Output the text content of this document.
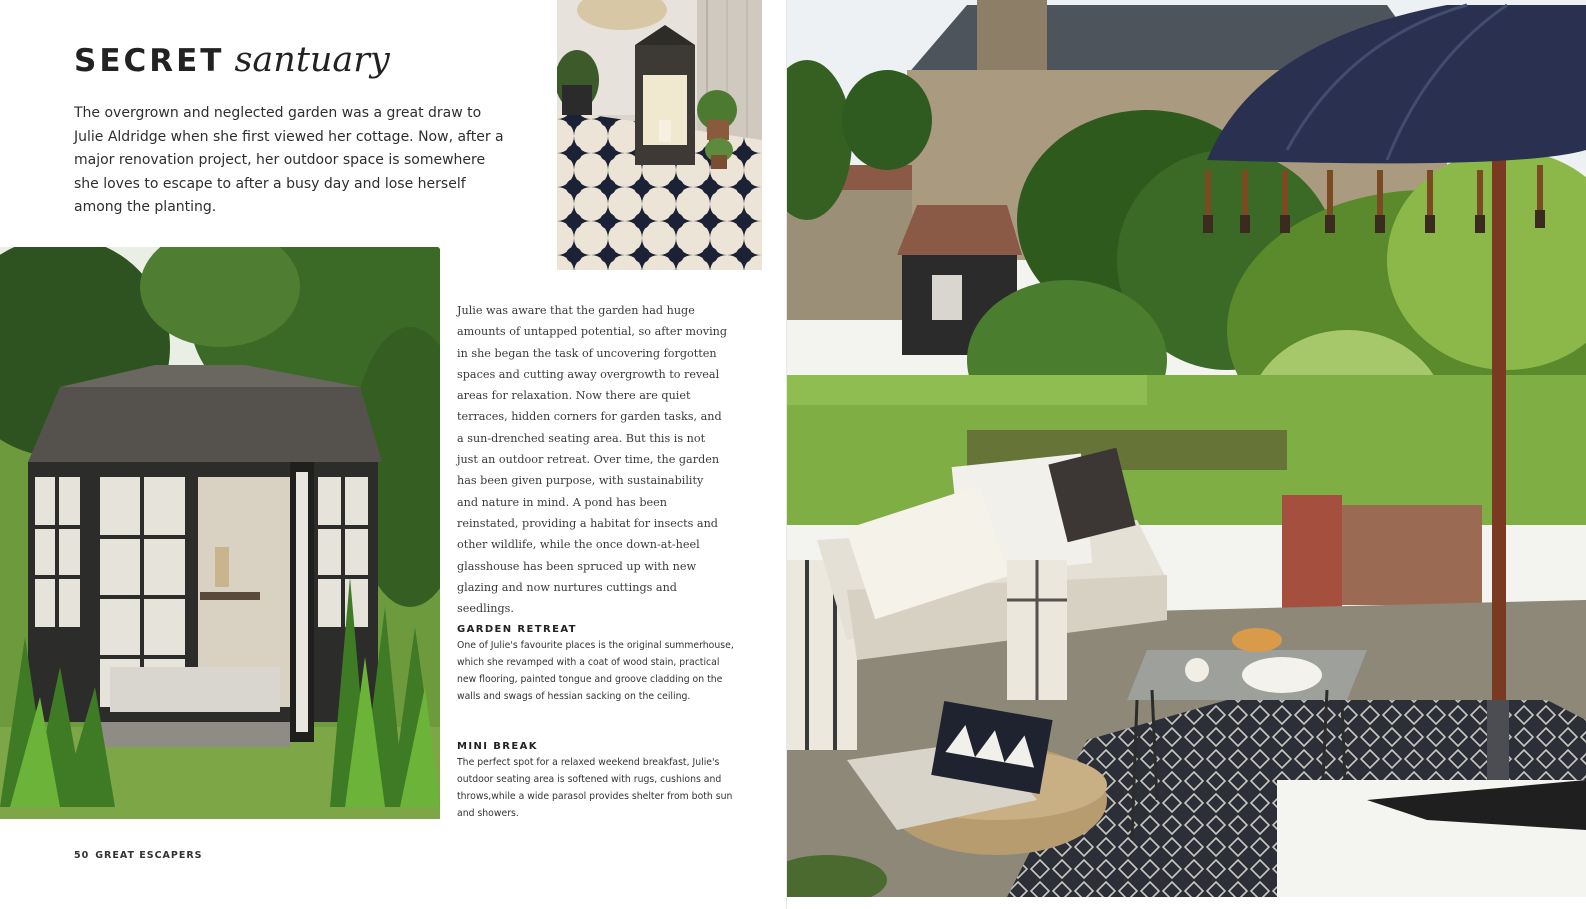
SECRET santuary

The overgrown and neglected garden was a great draw to Julie Aldridge when she first viewed her cottage. Now, after a major renovation project, her outdoor space is somewhere she loves to escape to after a busy day and lose herself among the planting.

Julie was aware that the garden had huge amounts of untapped potential, so after moving in she began the task of uncovering forgotten spaces and cutting away overgrowth to reveal areas for relaxation. Now there are quiet terraces, hidden corners for garden tasks, and a sun-drenched seating area. But this is not just an outdoor retreat. Over time, the garden has been given purpose, with sustainability and nature in mind. A pond has been reinstated, providing a habitat for insects and other wildlife, while the once down-at-heel glasshouse has been spruced up with new glazing and now nurtures cuttings and seedlings.

GARDEN RETREAT

One of Julie's favourite places is the original summerhouse, which she revamped with a coat of wood stain, practical new flooring, painted tongue and groove cladding on the walls and swags of hessian sacking on the ceiling.

MINI BREAK

The perfect spot for a relaxed weekend breakfast, Julie's outdoor seating area is softened with rugs, cushions and throws,while a wide parasol provides shelter from both sun and showers.

50 GREAT ESCAPERS
